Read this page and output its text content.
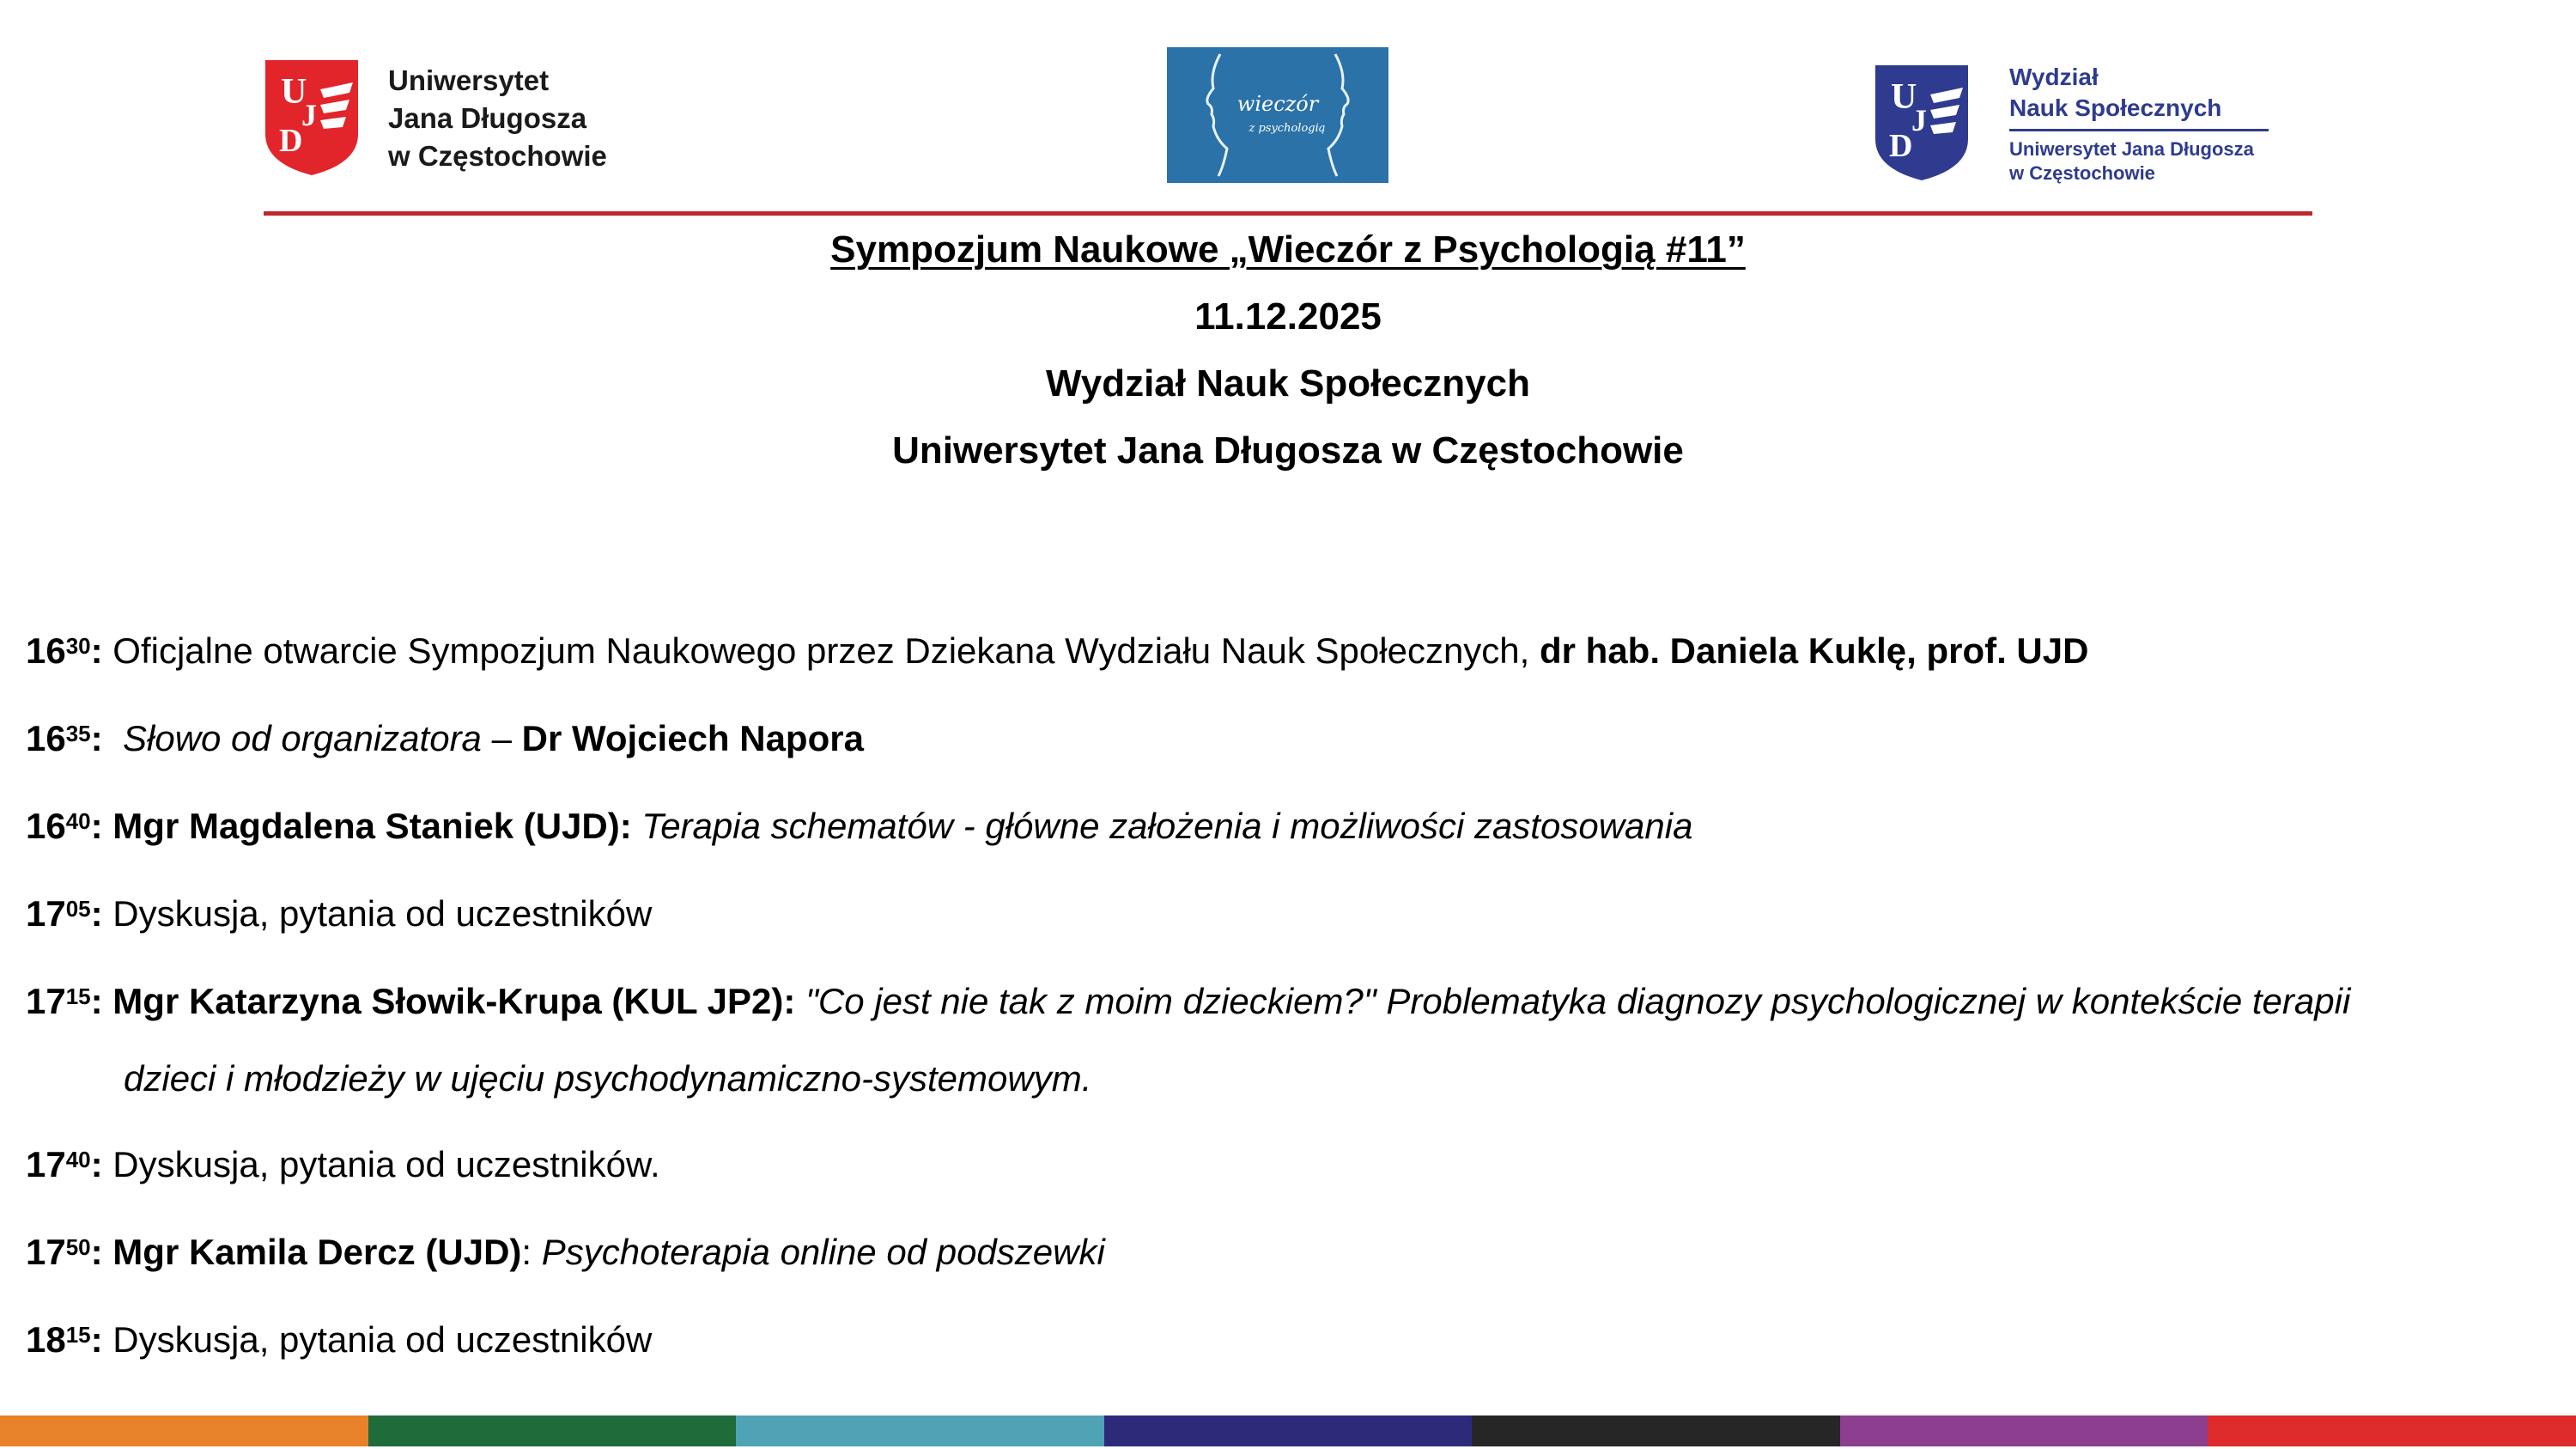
U
J
D
Uniwersytet
Jana Długosza
w Częstochowie
wieczór
z psychologią
U
J
D
Wydział
Nauk Społecznych
Uniwersytet Jana Długosza
w Częstochowie
Sympozjum Naukowe „Wieczór z Psychologią #11”
11.12.2025
Wydział Nauk Społecznych
Uniwersytet Jana Długosza w Częstochowie
$16^{30}$: Oficjalne otwarcie Sympozjum Naukowego przez Dziekana Wydziału Nauk Społecznych, dr hab. Daniela Kuklę, prof. UJD
$16^{35}$: Słowo od organizatora – Dr Wojciech Napora
$16^{40}$: Mgr Magdalena Staniek (UJD): Terapia schematów - główne założenia i możliwości zastosowania
$17^{05}$: Dyskusja, pytania od uczestników
$17^{15}$: Mgr Katarzyna Słowik-Krupa (KUL JP2): "Co jest nie tak z moim dzieckiem?" Problematyka diagnozy psychologicznej w kontekście terapii
dzieci i młodzieży w ujęciu psychodynamiczno-systemowym.
$17^{40}$: Dyskusja, pytania od uczestników.
$17^{50}$: Mgr Kamila Dercz (UJD): Psychoterapia online od podszewki
$18^{15}$: Dyskusja, pytania od uczestników
